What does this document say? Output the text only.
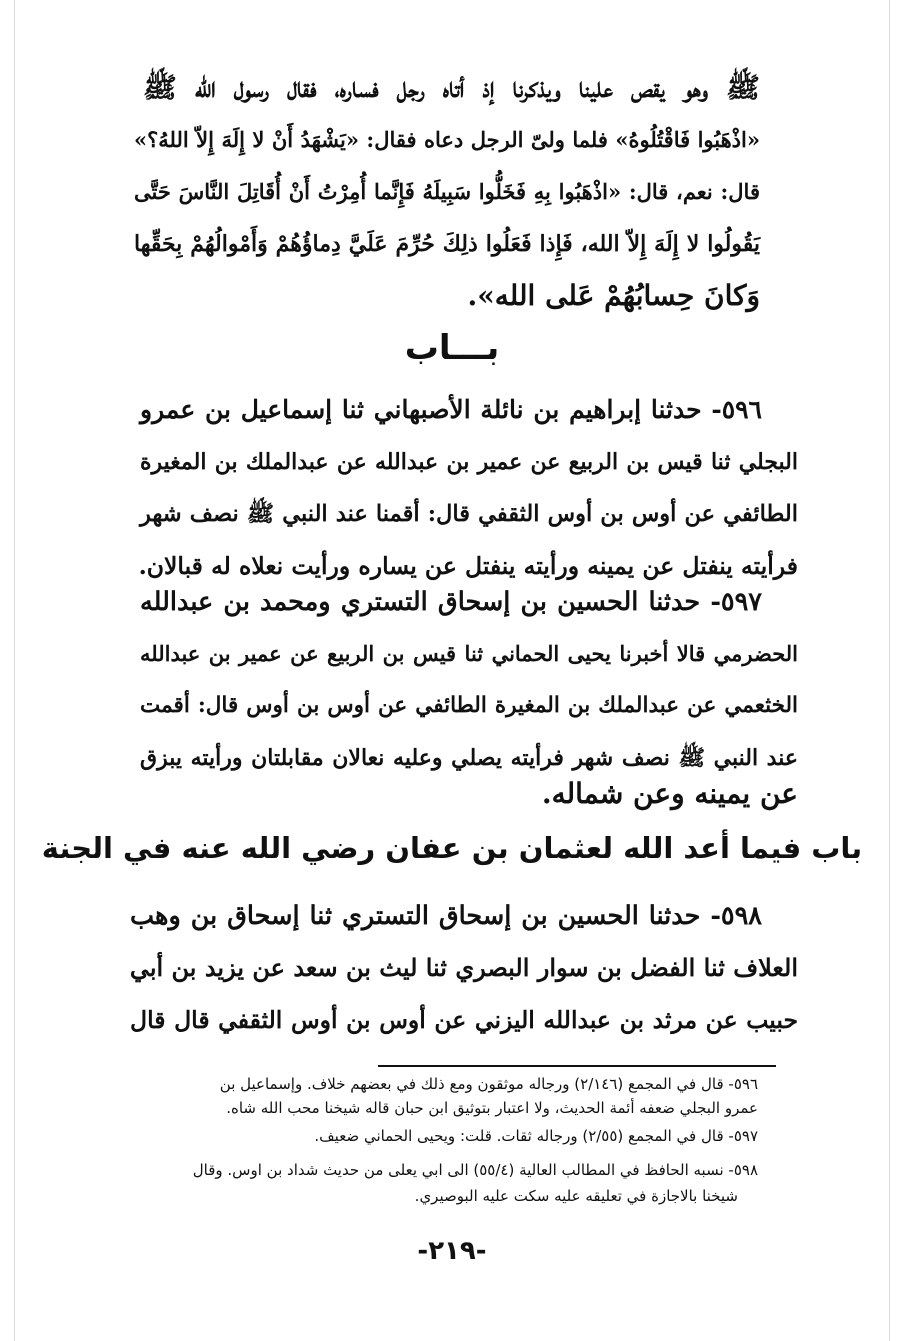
ﷺ وهو يقص علينا ويذكرنا إذ أتاه رجل فساره، فقال رسول الله ﷺ
«اذْهَبُوا فَاقْتُلُوهُ» فلما ولىّ الرجل دعاه فقال: «يَشْهَدُ أَنْ لا إِلَهَ إِلاّ اللهُ؟»
قال: نعم، قال: «اذْهَبُوا بِهِ فَخَلُّوا سَبِيلَهُ فَإِنَّما أُمِرْتُ أَنْ أُقَاتِلَ النَّاسَ حَتَّى
يَقُولُوا لا إِلَهَ إِلاّ الله، فَإِذا فَعَلُوا ذلِكَ حُرِّمَ عَلَيَّ دِماؤُهُمْ وَأَمْوالُهُمْ بِحَقِّها
وَكانَ حِسابُهُمْ عَلى الله».
بـــاب
٥٩٦- حدثنا إبراهيم بن نائلة الأصبهاني ثنا إسماعيل بن عمرو
البجلي ثنا قيس بن الربيع عن عمير بن عبدالله عن عبدالملك بن المغيرة
الطائفي عن أوس بن أوس الثقفي قال: أقمنا عند النبي ﷺ نصف شهر
فرأيته ينفتل عن يمينه ورأيته ينفتل عن يساره ورأيت نعلاه له قبالان.
٥٩٧- حدثنا الحسين بن إسحاق التستري ومحمد بن عبدالله
الحضرمي قالا أخبرنا يحيى الحماني ثنا قيس بن الربيع عن عمير بن عبدالله
الخثعمي عن عبدالملك بن المغيرة الطائفي عن أوس بن أوس قال: أقمت
عند النبي ﷺ نصف شهر فرأيته يصلي وعليه نعالان مقابلتان ورأيته يبزق
عن يمينه وعن شماله.
باب فيما أعد الله لعثمان بن عفان رضي الله عنه في الجنة
٥٩٨- حدثنا الحسين بن إسحاق التستري ثنا إسحاق بن وهب
العلاف ثنا الفضل بن سوار البصري ثنا ليث بن سعد عن يزيد بن أبي
حبيب عن مرثد بن عبدالله اليزني عن أوس بن أوس الثقفي قال قال
٥٩٦- قال في المجمع (٢/١٤٦) ورجاله موثقون ومع ذلك في بعضهم خلاف. وإسماعيل بن
عمرو البجلي ضعفه أئمة الحديث، ولا اعتبار بتوثيق ابن حبان قاله شيخنا محب الله شاه.
٥٩٧- قال في المجمع (٢/٥٥) ورجاله ثقات. قلت: ويحيى الحماني ضعيف.
٥٩٨- نسبه الحافظ في المطالب العالية (٥٥/٤) الى ابي يعلى من حديث شداد بن اوس. وقال
شيخنا بالاجازة في تعليقه عليه سكت عليه البوصيري.
-٢١٩-
